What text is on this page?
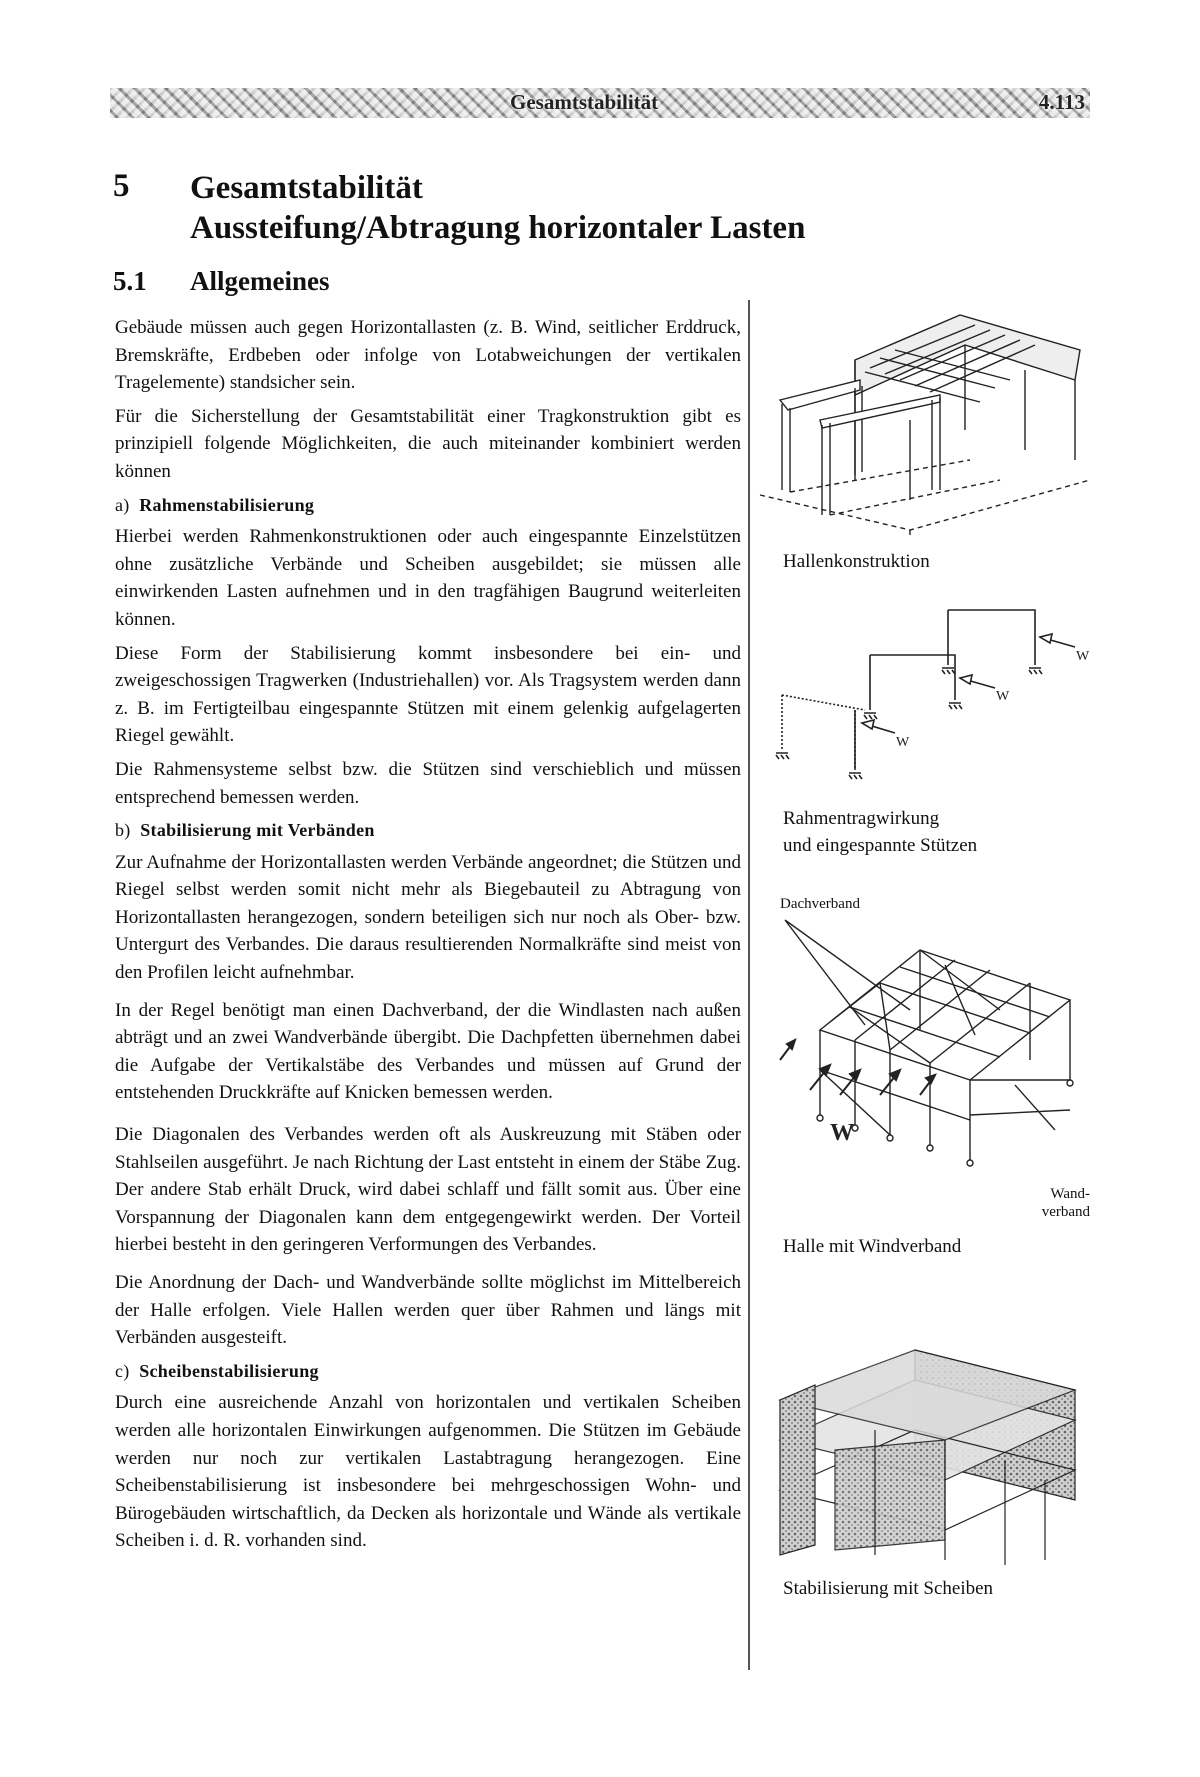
Gesamtstabilität	4.113
5 Gesamtstabilität
Aussteifung/Abtragung horizontaler Lasten
5.1 Allgemeines

Gebäude müssen auch gegen Horizontallasten (z. B. Wind, seitlicher Erddruck, Bremskräfte, Erdbeben oder infolge von Lotabweichungen der vertikalen Tragelemente) standsicher sein.

Für die Sicherstellung der Gesamtstabilität einer Tragkonstruktion gibt es prinzipiell folgende Möglichkeiten, die auch miteinander kombiniert werden können

a) Rahmenstabilisierung

Hierbei werden Rahmenkonstruktionen oder auch eingespannte Einzelstützen ohne zusätzliche Verbände und Scheiben ausgebildet; sie müssen alle einwirkenden Lasten aufnehmen und in den tragfähigen Baugrund weiterleiten können.

Diese Form der Stabilisierung kommt insbesondere bei ein- und zweigeschossigen Tragwerken (Industriehallen) vor. Als Tragsystem werden dann z. B. im Fertigteilbau eingespannte Stützen mit einem gelenkig aufgelagerten Riegel gewählt.

Die Rahmensysteme selbst bzw. die Stützen sind verschieblich und müssen entsprechend bemessen werden.

b) Stabilisierung mit Verbänden

Zur Aufnahme der Horizontallasten werden Verbände angeordnet; die Stützen und Riegel selbst werden somit nicht mehr als Biegebauteil zu Abtragung von Horizontallasten herangezogen, sondern beteiligen sich nur noch als Ober- bzw. Untergurt des Verbandes. Die daraus resultierenden Normalkräfte sind meist von den Profilen leicht aufnehmbar.

In der Regel benötigt man einen Dachverband, der die Windlasten nach außen abträgt und an zwei Wandverbände übergibt. Die Dachpfetten übernehmen dabei die Aufgabe der Vertikalstäbe des Verbandes und müssen auf Grund der entstehenden Druckkräfte auf Knicken bemessen werden.

Die Diagonalen des Verbandes werden oft als Auskreuzung mit Stäben oder Stahlseilen ausgeführt. Je nach Richtung der Last entsteht in einem der Stäbe Zug. Der andere Stab erhält Druck, wird dabei schlaff und fällt somit aus. Über eine Vorspannung der Diagonalen kann dem entgegengewirkt werden. Der Vorteil hierbei besteht in den geringeren Verformungen des Verbandes.

Die Anordnung der Dach- und Wandverbände sollte möglichst im Mittelbereich der Halle erfolgen. Viele Hallen werden quer über Rahmen und längs mit Verbänden ausgesteift.

c) Scheibenstabilisierung

Durch eine ausreichende Anzahl von horizontalen und vertikalen Scheiben werden alle horizontalen Einwirkungen aufgenommen. Die Stützen im Gebäude werden nur noch zur vertikalen Lastabtragung herangezogen. Eine Scheibenstabilisierung ist insbesondere bei mehrgeschossigen Wohn- und Bürogebäuden wirtschaftlich, da Decken als horizontale und Wände als vertikale Scheiben i. d. R. vorhanden sind.

Hallenkonstruktion
W
W
W
Rahmentragwirkung
und eingespannte Stützen
Dachverband
W
Wand-
verband
Halle mit Windverband
Stabilisierung mit Scheiben
